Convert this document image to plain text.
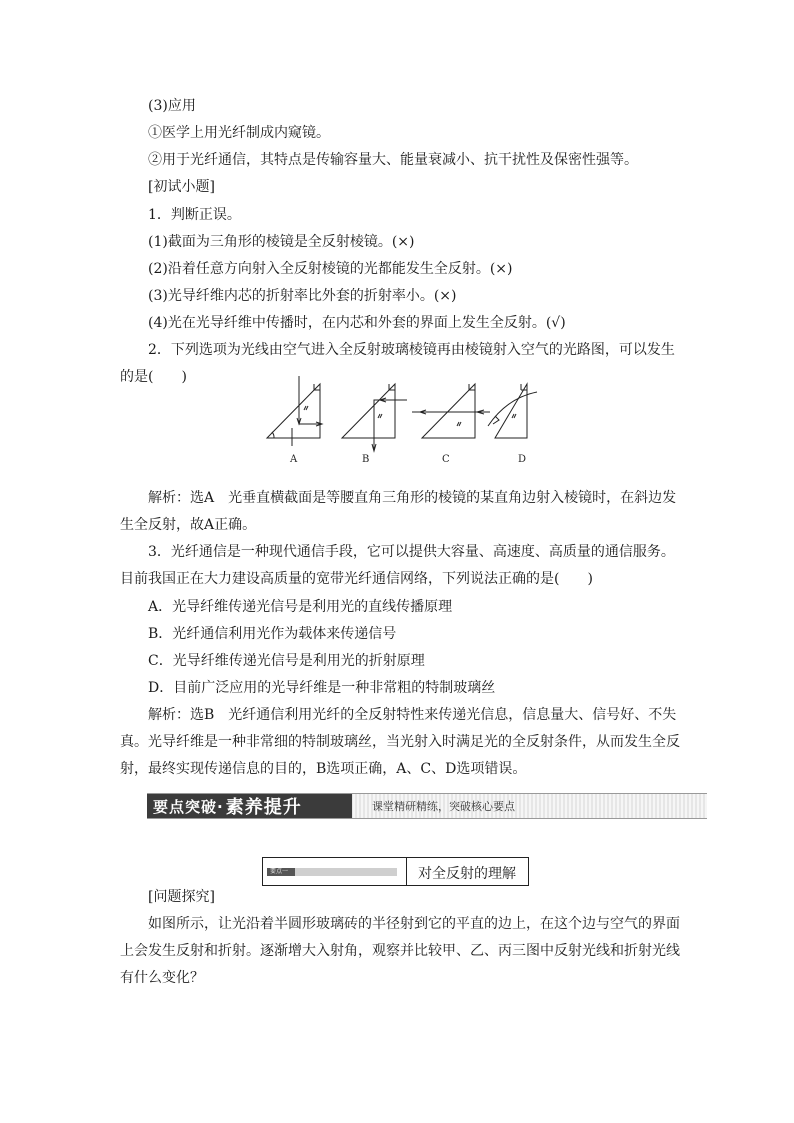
(3)应用
①医学上用光纤制成内窥镜。
②用于光纤通信，其特点是传输容量大、能量衰减小、抗干扰性及保密性强等。
[初试小题]
1．判断正误。
(1)截面为三角形的棱镜是全反射棱镜。(×)
(2)沿着任意方向射入全反射棱镜的光都能发生全反射。(×)
(3)光导纤维内芯的折射率比外套的折射率小。(×)
(4)光在光导纤维中传播时，在内芯和外套的界面上发生全反射。(√)
2．下列选项为光线由空气进入全反射玻璃棱镜再由棱镜射入空气的光路图，可以发生
的是(　　)
A	B	C	D
解析：选A　光垂直横截面是等腰直角三角形的棱镜的某直角边射入棱镜时，在斜边发
生全反射，故A正确。
3．光纤通信是一种现代通信手段，它可以提供大容量、高速度、高质量的通信服务。
目前我国正在大力建设高质量的宽带光纤通信网络，下列说法正确的是(　　)
A．光导纤维传递光信号是利用光的直线传播原理
B．光纤通信利用光作为载体来传递信号
C．光导纤维传递光信号是利用光的折射原理
D．目前广泛应用的光导纤维是一种非常粗的特制玻璃丝
解析：选B　光纤通信利用光纤的全反射特性来传递光信息，信息量大、信号好、不失
真。光导纤维是一种非常细的特制玻璃丝，当光射入时满足光的全反射条件，从而发生全反
射，最终实现传递信息的目的，B选项正确，A、C、D选项错误。
要点突破· 素养提升	课堂精研精练，突破核心要点
要点一	对全反射的理解
[问题探究]
如图所示，让光沿着半圆形玻璃砖的半径射到它的平直的边上，在这个边与空气的界面
上会发生反射和折射。逐渐增大入射角，观察并比较甲、乙、丙三图中反射光线和折射光线
有什么变化？
